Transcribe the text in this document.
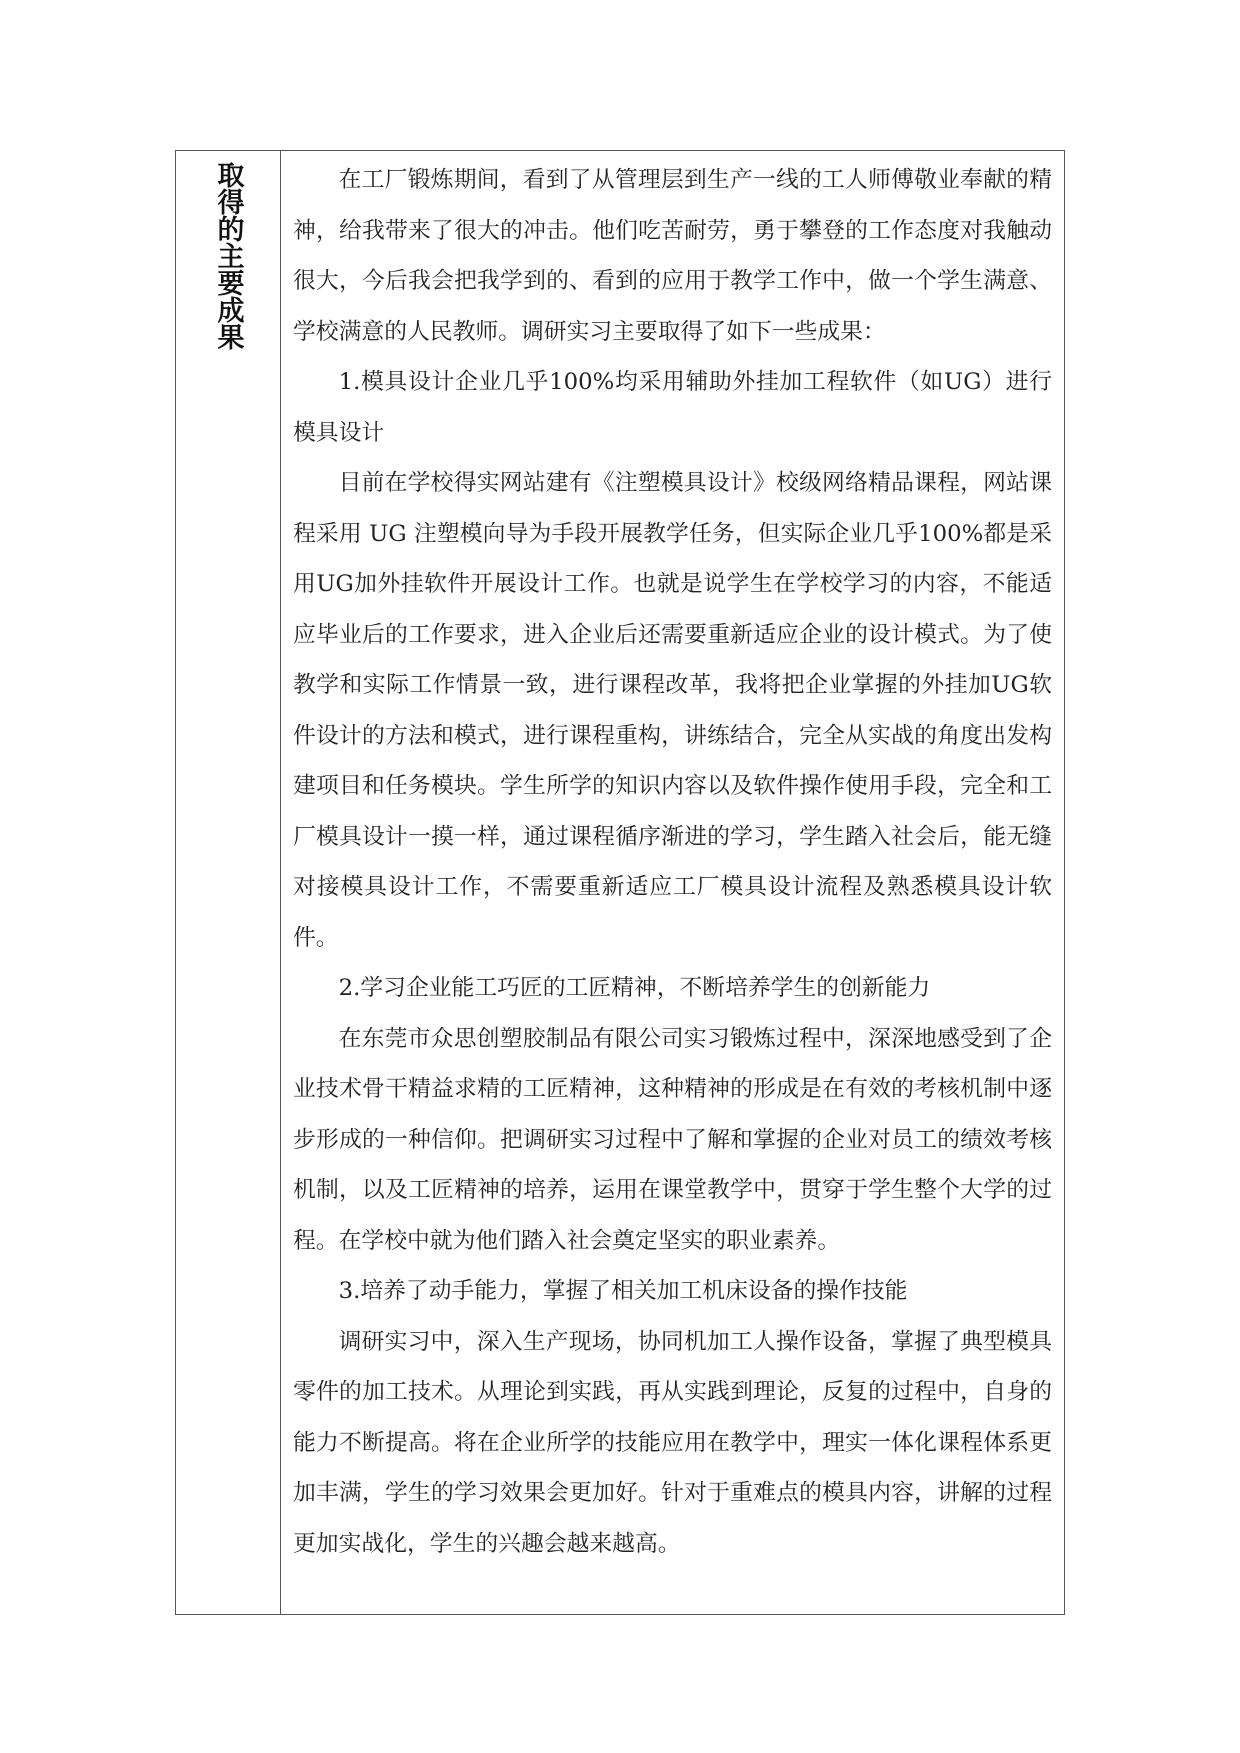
取得的主要成果	在工厂锻炼期间，看到了从管理层到生产一线的工人师傅敬业奉献的精神，给我带来了很大的冲击。他们吃苦耐劳，勇于攀登的工作态度对我触动很大，今后我会把我学到的、看到的应用于教学工作中，做一个学生满意、学校满意的人民教师。调研实习主要取得了如下一些成果：

1.模具设计企业几乎100%均采用辅助外挂加工程软件（如UG）进行模具设计

目前在学校得实网站建有《注塑模具设计》校级网络精品课程，网站课程采用 UG 注塑模向导为手段开展教学任务，但实际企业几乎100%都是采用UG加外挂软件开展设计工作。也就是说学生在学校学习的内容，不能适应毕业后的工作要求，进入企业后还需要重新适应企业的设计模式。为了使教学和实际工作情景一致，进行课程改革，我将把企业掌握的外挂加UG软件设计的方法和模式，进行课程重构，讲练结合，完全从实战的角度出发构建项目和任务模块。学生所学的知识内容以及软件操作使用手段，完全和工厂模具设计一摸一样，通过课程循序渐进的学习，学生踏入社会后，能无缝对接模具设计工作，不需要重新适应工厂模具设计流程及熟悉模具设计软件。

2.学习企业能工巧匠的工匠精神，不断培养学生的创新能力

在东莞市众思创塑胶制品有限公司实习锻炼过程中，深深地感受到了企业技术骨干精益求精的工匠精神，这种精神的形成是在有效的考核机制中逐步形成的一种信仰。把调研实习过程中了解和掌握的企业对员工的绩效考核机制，以及工匠精神的培养，运用在课堂教学中，贯穿于学生整个大学的过程。在学校中就为他们踏入社会奠定坚实的职业素养。

3.培养了动手能力，掌握了相关加工机床设备的操作技能

调研实习中，深入生产现场，协同机加工人操作设备，掌握了典型模具零件的加工技术。从理论到实践，再从实践到理论，反复的过程中，自身的能力不断提高。将在企业所学的技能应用在教学中，理实一体化课程体系更加丰满，学生的学习效果会更加好。针对于重难点的模具内容，讲解的过程更加实战化，学生的兴趣会越来越高。
